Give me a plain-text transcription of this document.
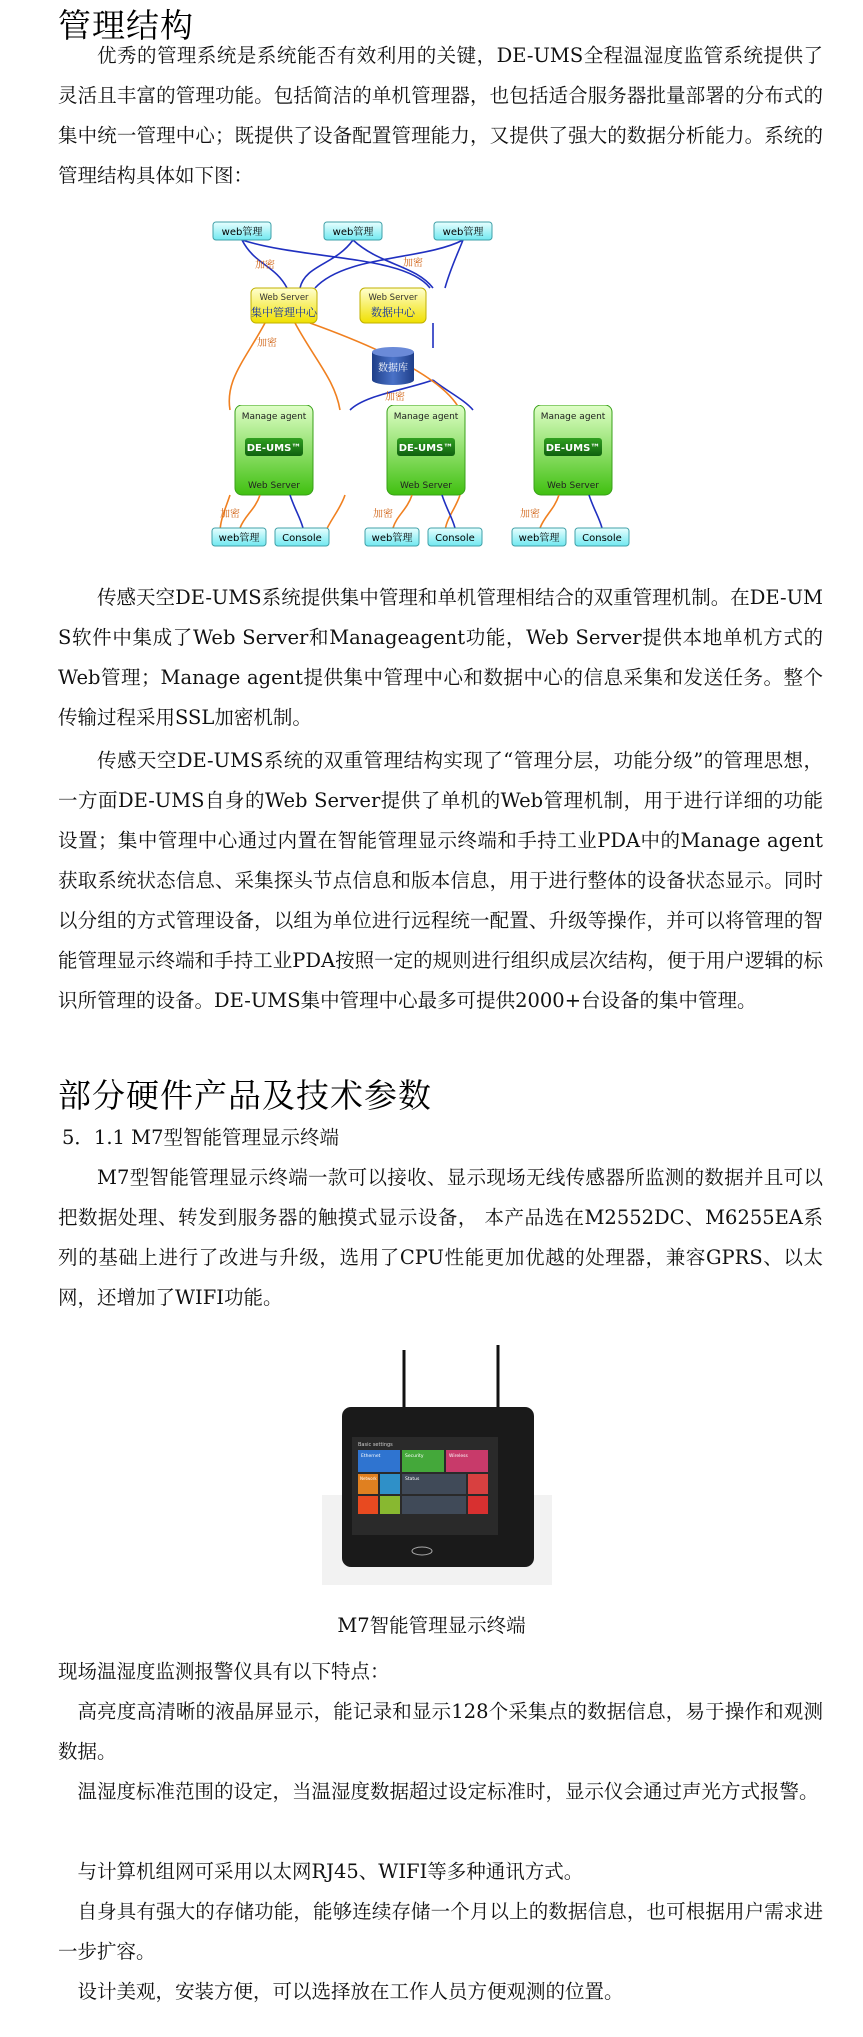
管理结构

优秀的管理系统是系统能否有效利用的关键，DE-UMS全程温湿度监管系统提供了灵活且丰富的管理功能。包括简洁的单机管理器，也包括适合服务器批量部署的分布式的集中统一管理中心；既提供了设备配置管理能力，又提供了强大的数据分析能力。系统的管理结构具体如下图：

web管理	web管理	web管理
加密	加密
Web Server
集中管理中心
Web Server
数据中心
加密
数据库
加密
Manage agent
DE-UMS™
Web Server
Manage agent
DE-UMS™
Web Server
Manage agent
DE-UMS™
Web Server
加密	加密	加密
web管理 Console	web管理 Console	web管理 Console

传感天空DE-UMS系统提供集中管理和单机管理相结合的双重管理机制。在DE-UMS软件中集成了Web Server和Manageagent功能，Web Server提供本地单机方式的Web管理；Manage agent提供集中管理中心和数据中心的信息采集和发送任务。整个传输过程采用SSL加密机制。

传感天空DE-UMS系统的双重管理结构实现了“管理分层，功能分级”的管理思想，一方面DE-UMS自身的Web Server提供了单机的Web管理机制，用于进行详细的功能设置；集中管理中心通过内置在智能管理显示终端和手持工业PDA中的Manage agent获取系统状态信息、采集探头节点信息和版本信息，用于进行整体的设备状态显示。同时以分组的方式管理设备，以组为单位进行远程统一配置、升级等操作，并可以将管理的智能管理显示终端和手持工业PDA按照一定的规则进行组织成层次结构，便于用户逻辑的标识所管理的设备。DE-UMS集中管理中心最多可提供2000+台设备的集中管理。

部分硬件产品及技术参数

5．1.1 M7型智能管理显示终端

M7型智能管理显示终端一款可以接收、显示现场无线传感器所监测的数据并且可以把数据处理、转发到服务器的触摸式显示设备， 本产品选在M2552DC、M6255EA系列的基础上进行了改进与升级，选用了CPU性能更加优越的处理器，兼容GPRS、以太网，还增加了WIFI功能。

Basic settings
Ethernet	Security	Wireless
Network	Status

M7智能管理显示终端

现场温湿度监测报警仪具有以下特点：

高亮度高清晰的液晶屏显示，能记录和显示128个采集点的数据信息，易于操作和观测数据。

温湿度标准范围的设定，当温湿度数据超过设定标准时，显示仪会通过声光方式报警。

与计算机组网可采用以太网RJ45、WIFI等多种通讯方式。

自身具有强大的存储功能，能够连续存储一个月以上的数据信息，也可根据用户需求进一步扩容。

设计美观，安装方便，可以选择放在工作人员方便观测的位置。
